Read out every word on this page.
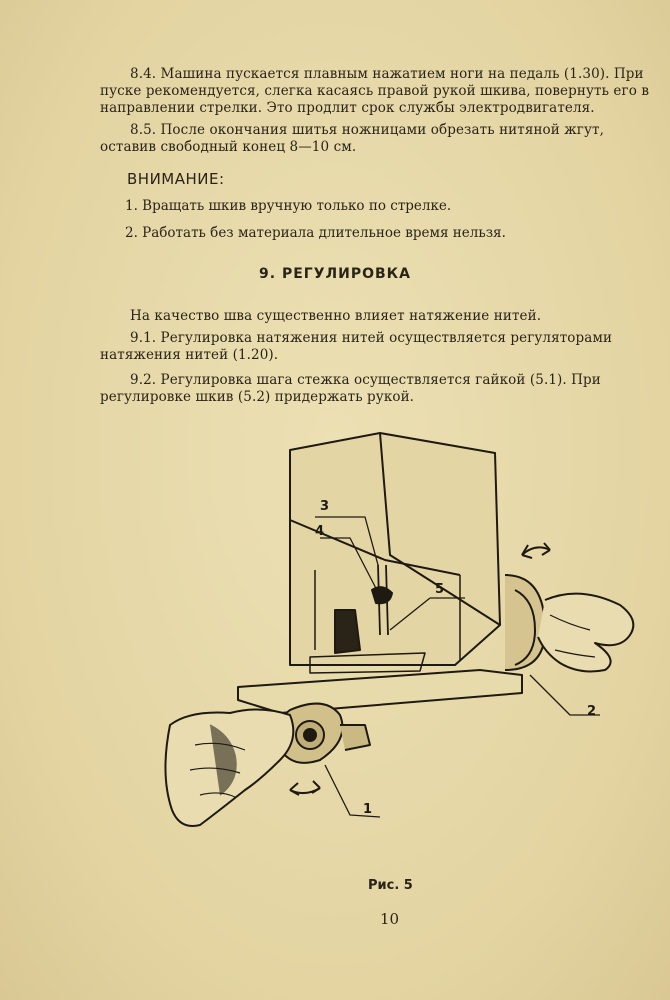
8.4. Машина пускается плавным нажатием ноги на педаль (1.30). При пуске рекомендуется, слегка касаясь правой рукой шкива, повернуть его в направлении стрелки. Это продлит срок службы электродвигателя.
8.5. После окончания шитья ножницами обрезать нитяной жгут, оставив свободный конец 8—10 см.
ВНИМАНИЕ:
1. Вращать шкив вручную только по стрелке.
2. Работать без материала длительное время нельзя.
9. РЕГУЛИРОВКА
На качество шва существенно влияет натяжение нитей.
9.1. Регулировка натяжения нитей осуществляется регуляторами натяжения нитей (1.20).
9.2. Регулировка шага стежка осуществляется гайкой (5.1). При регулировке шкив (5.2) придержать рукой.
3
4
5
2
1
Рис. 5
10
